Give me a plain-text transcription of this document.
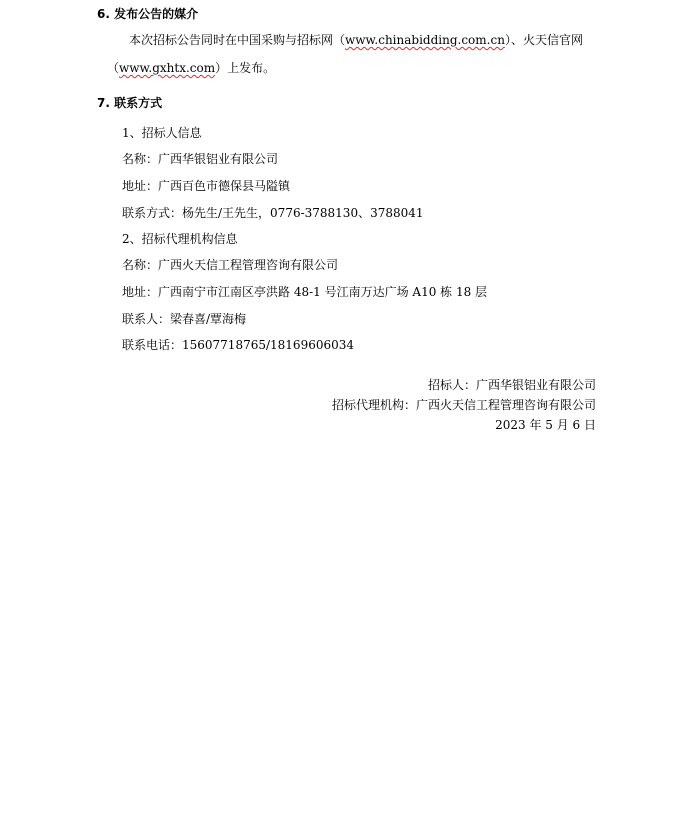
6. 发布公告的媒介
本次招标公告同时在中国采购与招标网（www.chinabidding.com.cn）、火天信官网
（www.gxhtx.com）上发布。
7. 联系方式
1、招标人信息
名称：广西华银铝业有限公司
地址：广西百色市德保县马隘镇
联系方式：杨先生/王先生，0776-3788130、3788041
2、招标代理机构信息
名称：广西火天信工程管理咨询有限公司
地址：广西南宁市江南区亭洪路 48-1 号江南万达广场 A10 栋 18 层
联系人：梁春喜/覃海梅
联系电话：15607718765/18169606034
招标人：广西华银铝业有限公司
招标代理机构：广西火天信工程管理咨询有限公司
2023 年 5 月 6 日
